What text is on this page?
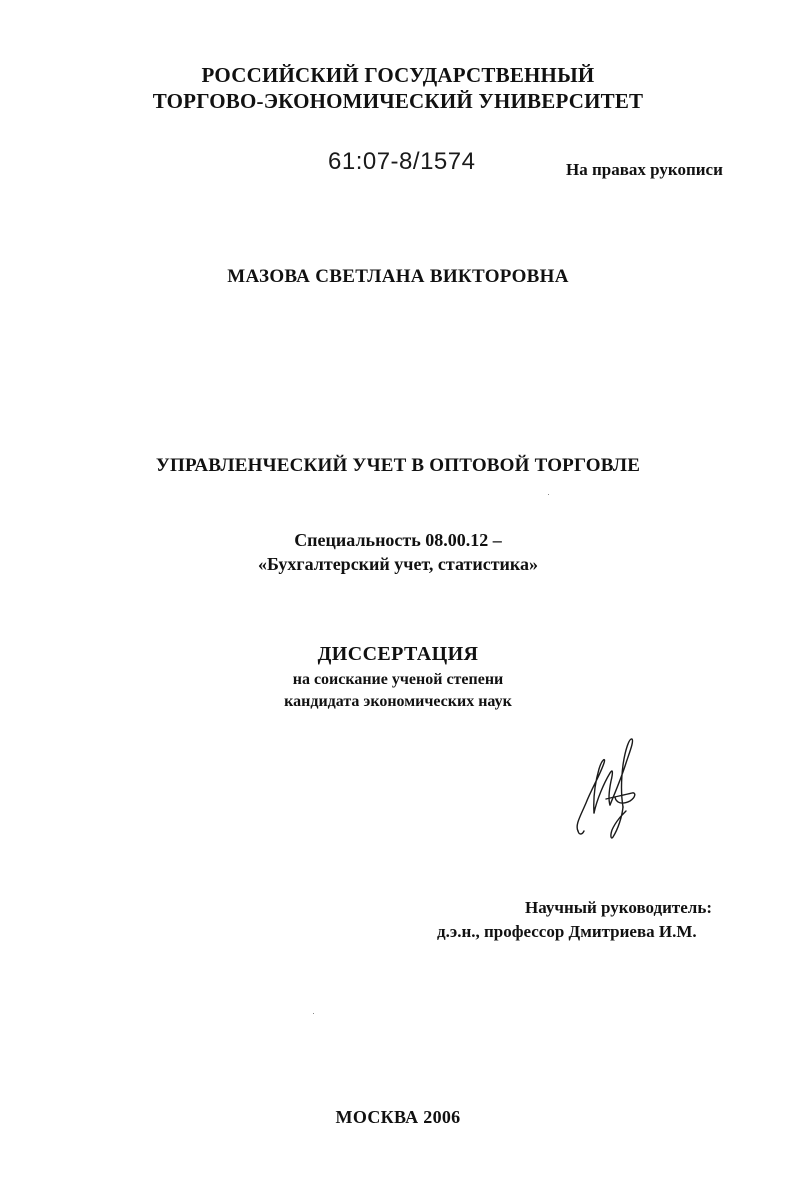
РОССИЙСКИЙ ГОСУДАРСТВЕННЫЙ
ТОРГОВО-ЭКОНОМИЧЕСКИЙ УНИВЕРСИТЕТ
61:07-8/1574	На правах рукописи
МАЗОВА СВЕТЛАНА ВИКТОРОВНА
УПРАВЛЕНЧЕСКИЙ УЧЕТ В ОПТОВОЙ ТОРГОВЛЕ
Специальность 08.00.12 –
«Бухгалтерский учет, статистика»
ДИССЕРТАЦИЯ
на соискание ученой степени
кандидата экономических наук
Научный руководитель:
д.э.н., профессор Дмитриева И.М.
МОСКВА 2006
